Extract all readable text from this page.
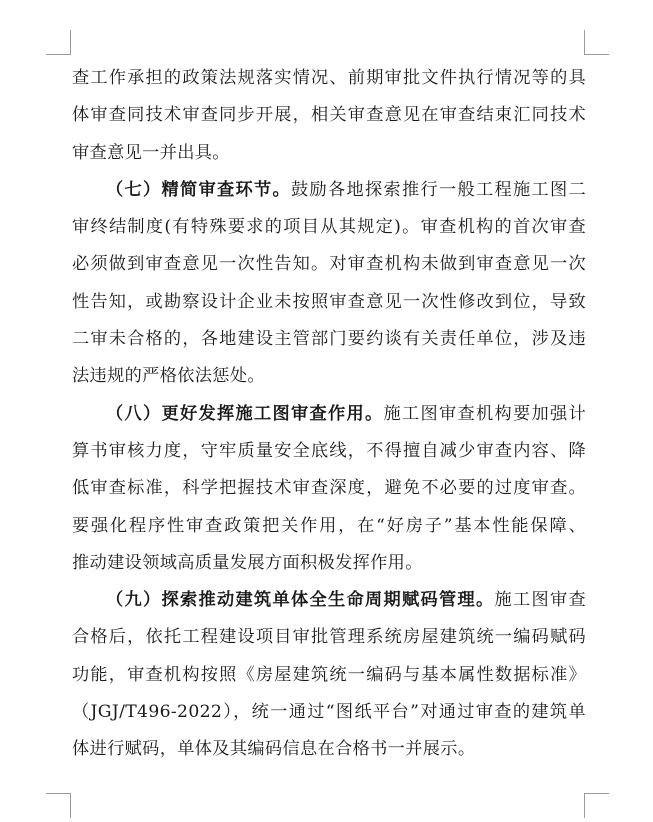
查工作承担的政策法规落实情况、前期审批文件执行情况等的具
体审查同技术审查同步开展，相关审查意见在审查结束汇同技术
审查意见一并出具。
（七）精简审查环节。鼓励各地探索推行一般工程施工图二
审终结制度(有特殊要求的项目从其规定)。审查机构的首次审查
必须做到审查意见一次性告知。对审查机构未做到审查意见一次
性告知，或勘察设计企业未按照审查意见一次性修改到位，导致
二审未合格的，各地建设主管部门要约谈有关责任单位，涉及违
法违规的严格依法惩处。
（八）更好发挥施工图审查作用。施工图审查机构要加强计
算书审核力度，守牢质量安全底线，不得擅自减少审查内容、降
低审查标准，科学把握技术审查深度，避免不必要的过度审查。
要强化程序性审查政策把关作用，在“好房子”基本性能保障、
推动建设领域高质量发展方面积极发挥作用。
（九）探索推动建筑单体全生命周期赋码管理。施工图审查
合格后，依托工程建设项目审批管理系统房屋建筑统一编码赋码
功能，审查机构按照《房屋建筑统一编码与基本属性数据标准》
（JGJ/T496-2022），统一通过“图纸平台”对通过审查的建筑单
体进行赋码，单体及其编码信息在合格书一并展示。
